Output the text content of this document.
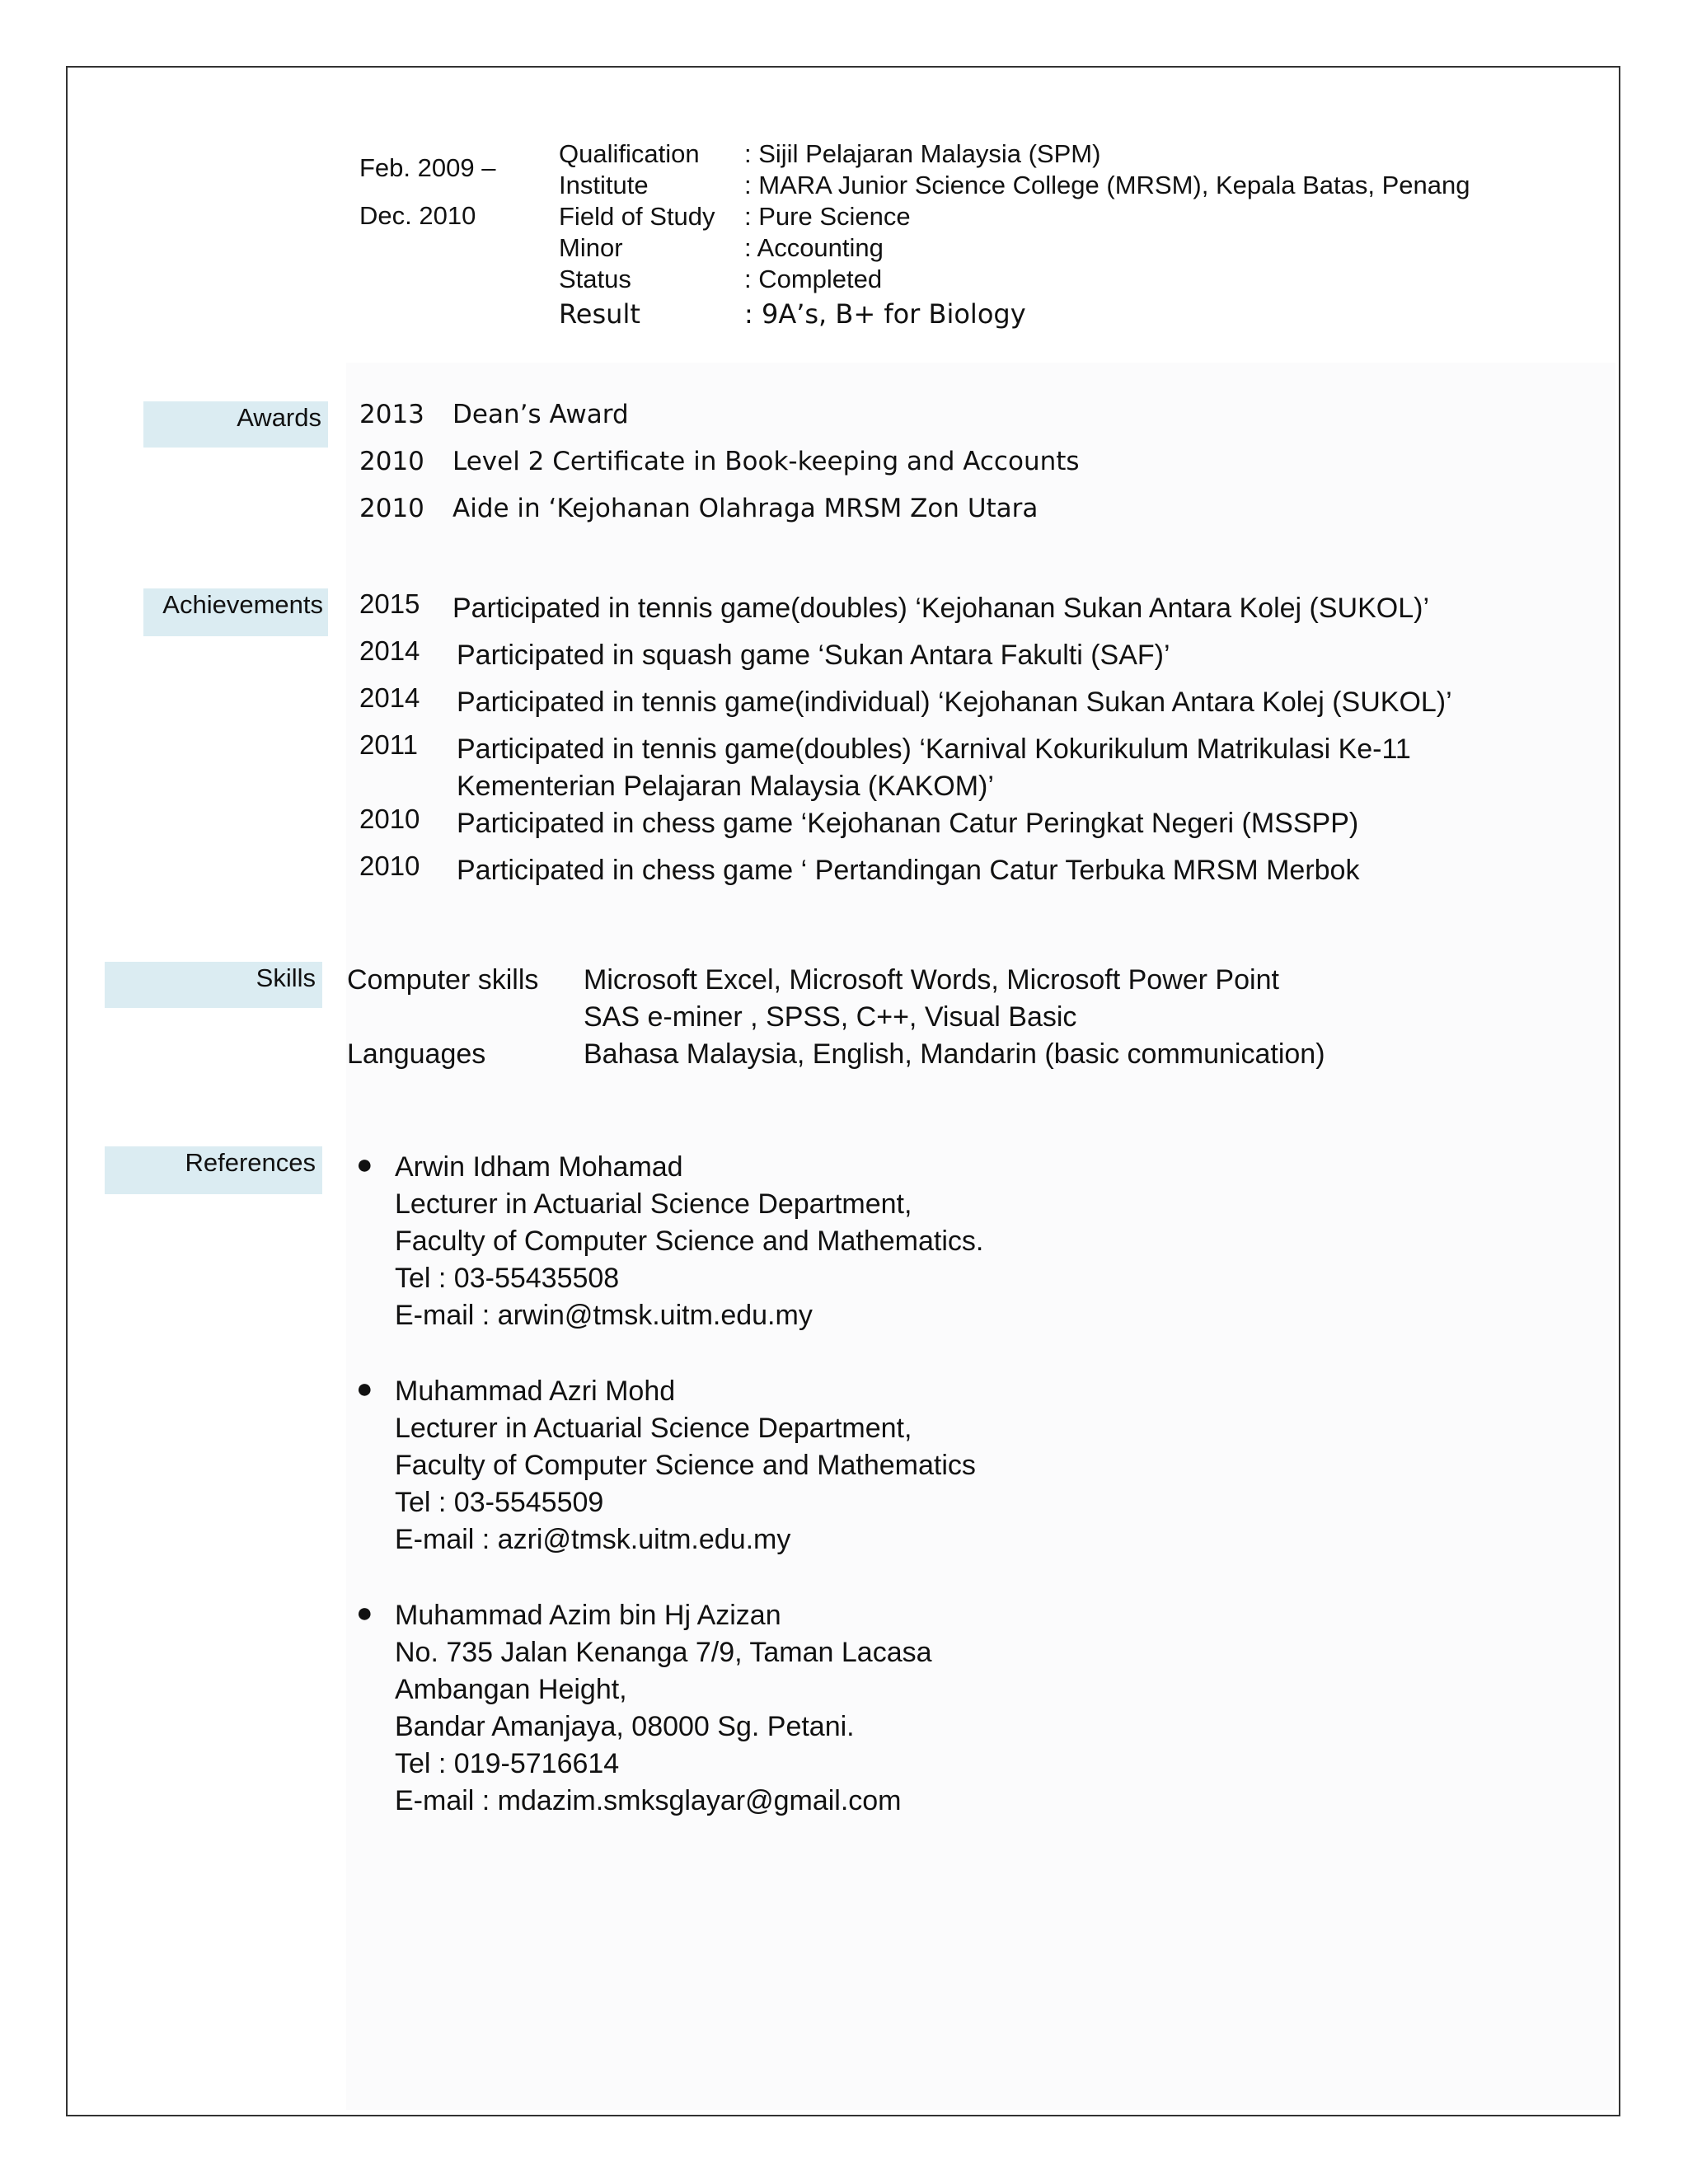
Feb. 2009 –
Dec. 2010
Qualification : Sijil Pelajaran Malaysia (SPM)
Institute	: MARA Junior Science College (MRSM), Kepala Batas, Penang
Field of Study : Pure Science
Minor	: Accounting
Status	: Completed
Result	: 9A’s, B+ for Biology
Awards 2013 Dean’s Award
2010 Level 2 Certificate in Book-keeping and Accounts
2010 Aide in ‘Kejohanan Olahraga MRSM Zon Utara
Achievements 2015 Participated in tennis game(doubles) ‘Kejohanan Sukan Antara Kolej (SUKOL)’
2014 Participated in squash game ‘Sukan Antara Fakulti (SAF)’
2014 Participated in tennis game(individual) ‘Kejohanan Sukan Antara Kolej (SUKOL)’
2011 Participated in tennis game(doubles) ‘Karnival Kokurikulum Matrikulasi Ke-11
Kementerian Pelajaran Malaysia (KAKOM)’
2010 Participated in chess game ‘Kejohanan Catur Peringkat Negeri (MSSPP)
2010 Participated in chess game ‘ Pertandingan Catur Terbuka MRSM Merbok
Skills Computer skills Microsoft Excel, Microsoft Words, Microsoft Power Point
SAS e-miner , SPSS, C++, Visual Basic
Languages	Bahasa Malaysia, English, Mandarin (basic communication)
References ● Arwin Idham Mohamad
Lecturer in Actuarial Science Department,
Faculty of Computer Science and Mathematics.
Tel : 03-55435508
E-mail : arwin@tmsk.uitm.edu.my
● Muhammad Azri Mohd
Lecturer in Actuarial Science Department,
Faculty of Computer Science and Mathematics
Tel : 03-5545509
E-mail : azri@tmsk.uitm.edu.my
● Muhammad Azim bin Hj Azizan
No. 735 Jalan Kenanga 7/9, Taman Lacasa
Ambangan Height,
Bandar Amanjaya, 08000 Sg. Petani.
Tel : 019-5716614
E-mail : mdazim.smksglayar@gmail.com
